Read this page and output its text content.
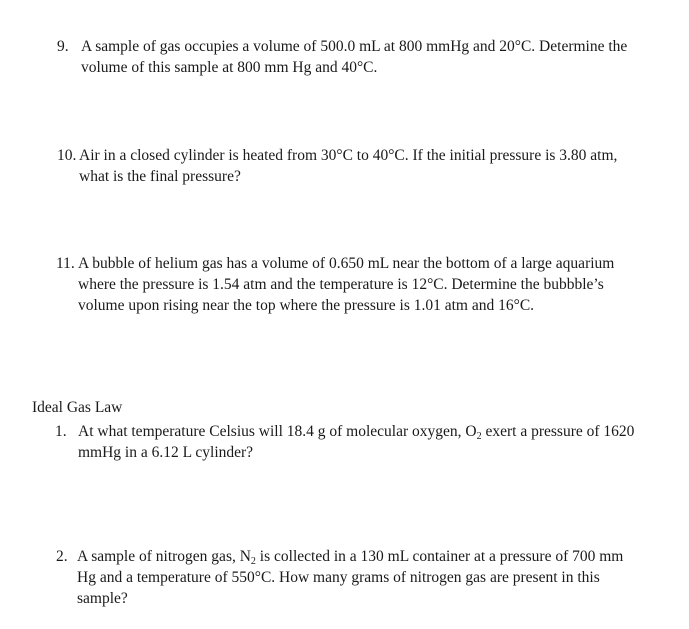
9. A sample of gas occupies a volume of 500.0 mL at 800 mmHg and 20°C. Determine the
volume of this sample at 800 mm Hg and 40°C.
10. Air in a closed cylinder is heated from 30°C to 40°C. If the initial pressure is 3.80 atm,
what is the final pressure?
11. A bubble of helium gas has a volume of 0.650 mL near the bottom of a large aquarium
where the pressure is 1.54 atm and the temperature is 12°C. Determine the bubbble’s
volume upon rising near the top where the pressure is 1.01 atm and 16°C.
Ideal Gas Law
1. At what temperature Celsius will 18.4 g of molecular oxygen, $O_2$ exert a pressure of 1620
mmHg in a 6.12 L cylinder?
2. A sample of nitrogen gas, $N_2$ is collected in a 130 mL container at a pressure of 700 mm
Hg and a temperature of 550°C. How many grams of nitrogen gas are present in this
sample?
